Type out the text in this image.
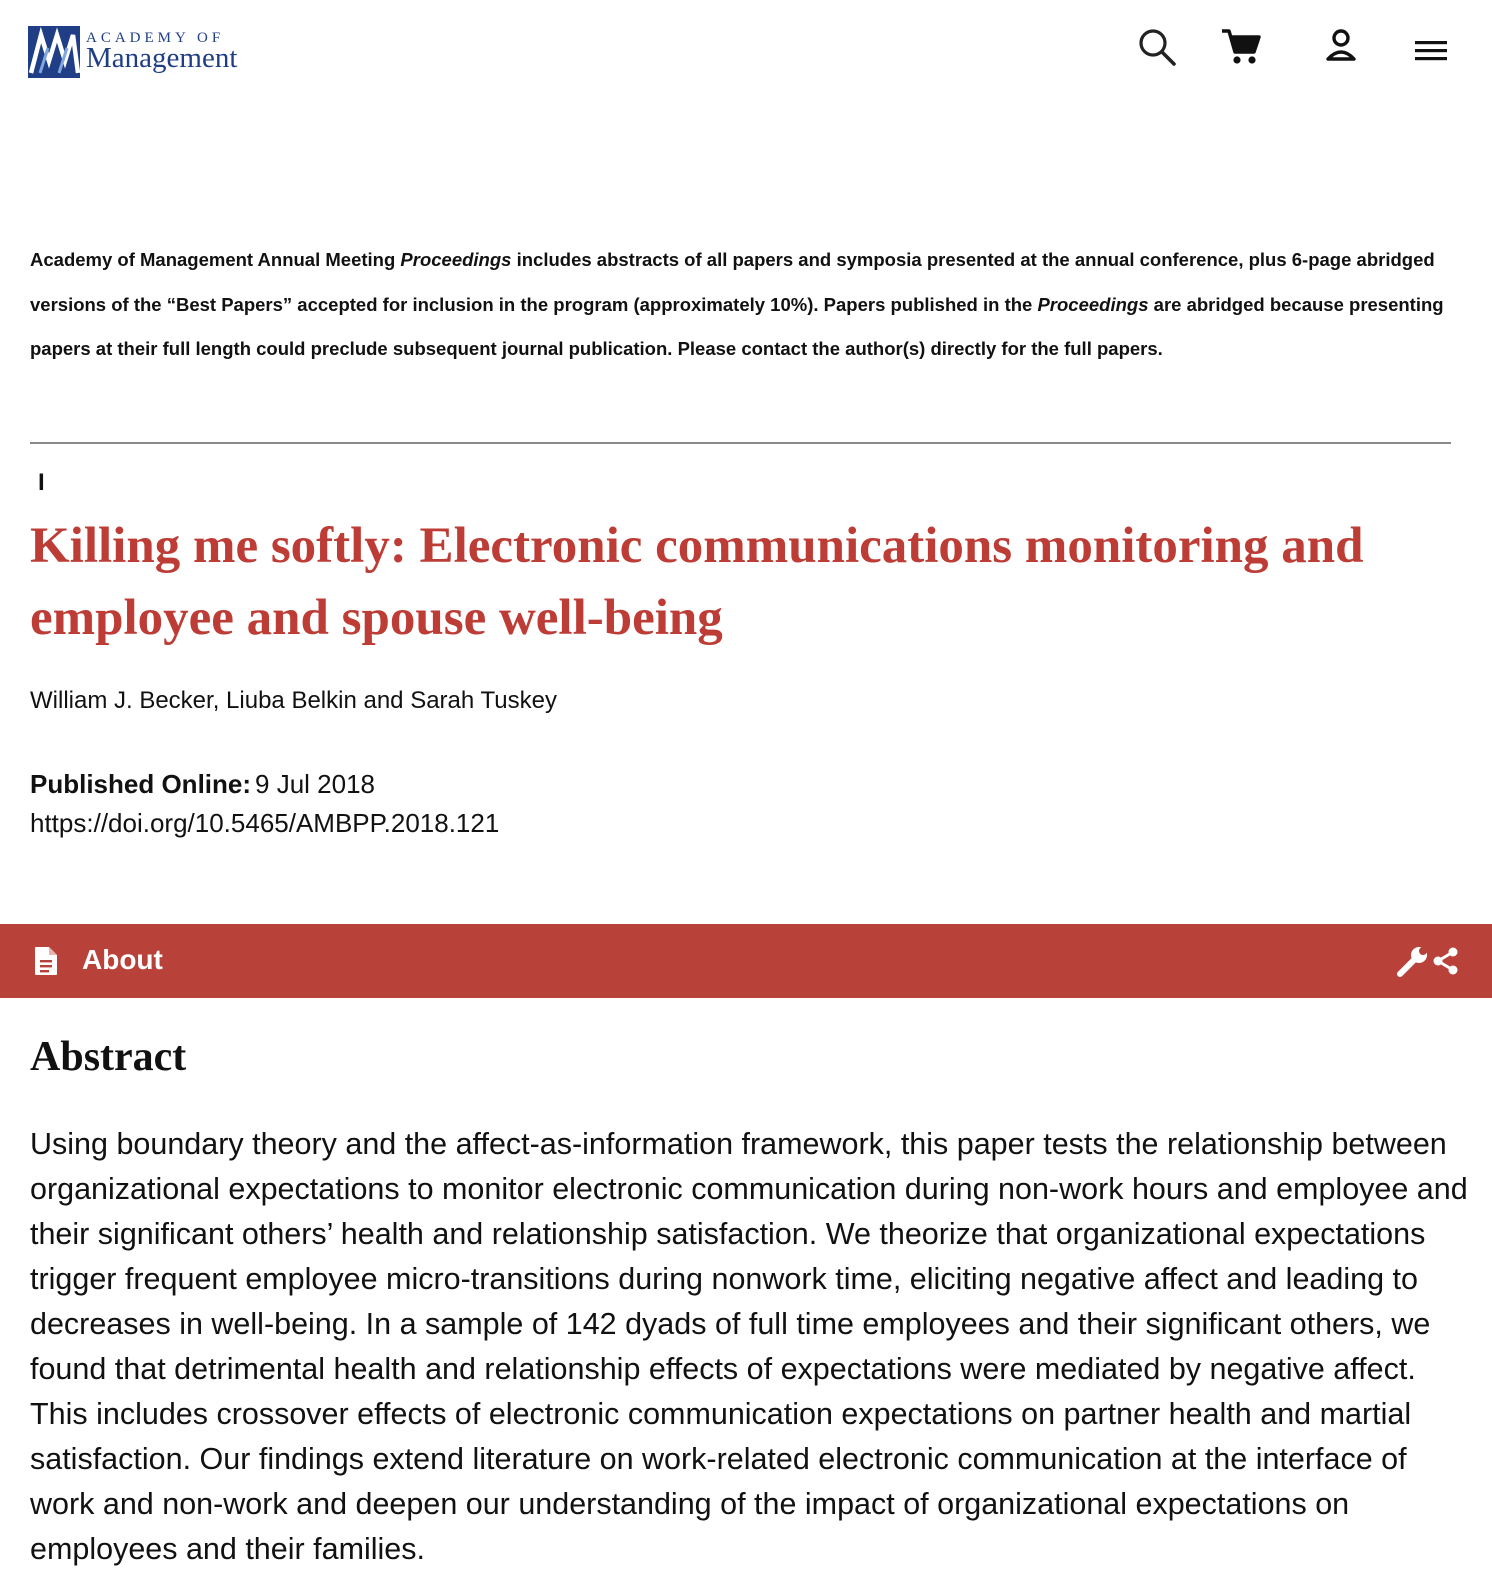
ACADEMY OF
Management

Academy of Management Annual Meeting Proceedings includes abstracts of all papers and symposia presented at the annual conference, plus 6-page abridged versions of the “Best Papers” accepted for inclusion in the program (approximately 10%). Papers published in the Proceedings are abridged because presenting papers at their full length could preclude subsequent journal publication. Please contact the author(s) directly for the full papers.

I
Killing me softly: Electronic communications monitoring and employee and spouse well-being
William J. Becker, Liuba Belkin and Sarah Tuskey
Published Online: 9 Jul 2018
https://doi.org/10.5465/AMBPP.2018.121
About
Abstract

Using boundary theory and the affect-as-information framework, this paper tests the relationship between organizational expectations to monitor electronic communication during non-work hours and employee and their significant others’ health and relationship satisfaction. We theorize that organizational expectations trigger frequent employee micro-transitions during nonwork time, eliciting negative affect and leading to decreases in well-being. In a sample of 142 dyads of full time employees and their significant others, we found that detrimental health and relationship effects of expectations were mediated by negative affect. This includes crossover effects of electronic communication expectations on partner health and martial satisfaction. Our findings extend literature on work-related electronic communication at the interface of work and non-work and deepen our understanding of the impact of organizational expectations on employees and their families.
